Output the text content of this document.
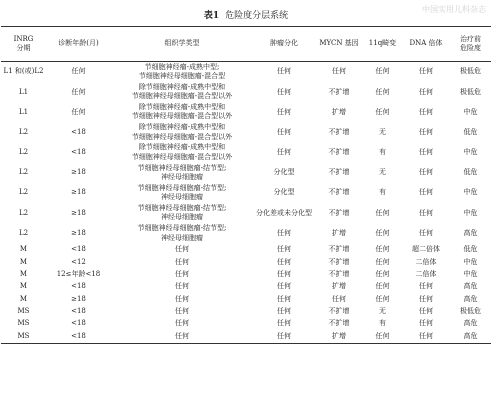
表1 危险度分层系统
中国实用儿科杂志
INRG
分期	诊断年龄(月)	组织学类型	肿瘤分化	MYCN 基因	11q畸变	DNA 倍体	治疗前
危险度
L1 和(或)L2	任何	节细胞神经瘤-成熟中型;
节细胞神经母细胞瘤-混合型	任何	任何	任何	任何	极低危
L1	任何	除节细胞神经瘤-成熟中型和
节细胞神经母细胞瘤-混合型以外	任何	不扩增	任何	任何	极低危
L1	任何	除节细胞神经瘤-成熟中型和
节细胞神经母细胞瘤-混合型以外	任何	扩增	任何	任何	中危
L2	<18	除节细胞神经瘤-成熟中型和
节细胞神经母细胞瘤-混合型以外	任何	不扩增	无	任何	低危
L2	<18	除节细胞神经瘤-成熟中型和
节细胞神经母细胞瘤-混合型以外	任何	不扩增	有	任何	中危
L2	≥18	节细胞神经母细胞瘤-结节型;
神经母细胞瘤	分化型	不扩增	无	任何	低危
L2	≥18	节细胞神经母细胞瘤-结节型;
神经母细胞瘤	分化型	不扩增	有	任何	中危
L2	≥18	节细胞神经母细胞瘤-结节型;
神经母细胞瘤	分化差或未分化型	不扩增	任何	任何	中危
L2	≥18	节细胞神经母细胞瘤-结节型;
神经母细胞瘤	任何	扩增	任何	任何	高危
M	<18	任何	任何	不扩增	任何	超二倍体	低危
M	<12	任何	任何	不扩增	任何	二倍体	中危
M	12≤年龄<18	任何	任何	不扩增	任何	二倍体	中危
M	<18	任何	任何	扩增	任何	任何	高危
M	≥18	任何	任何	任何	任何	任何	高危
MS	<18	任何	任何	不扩增	无	任何	极低危
MS	<18	任何	任何	不扩增	有	任何	高危
MS	<18	任何	任何	扩增	任何	任何	高危
